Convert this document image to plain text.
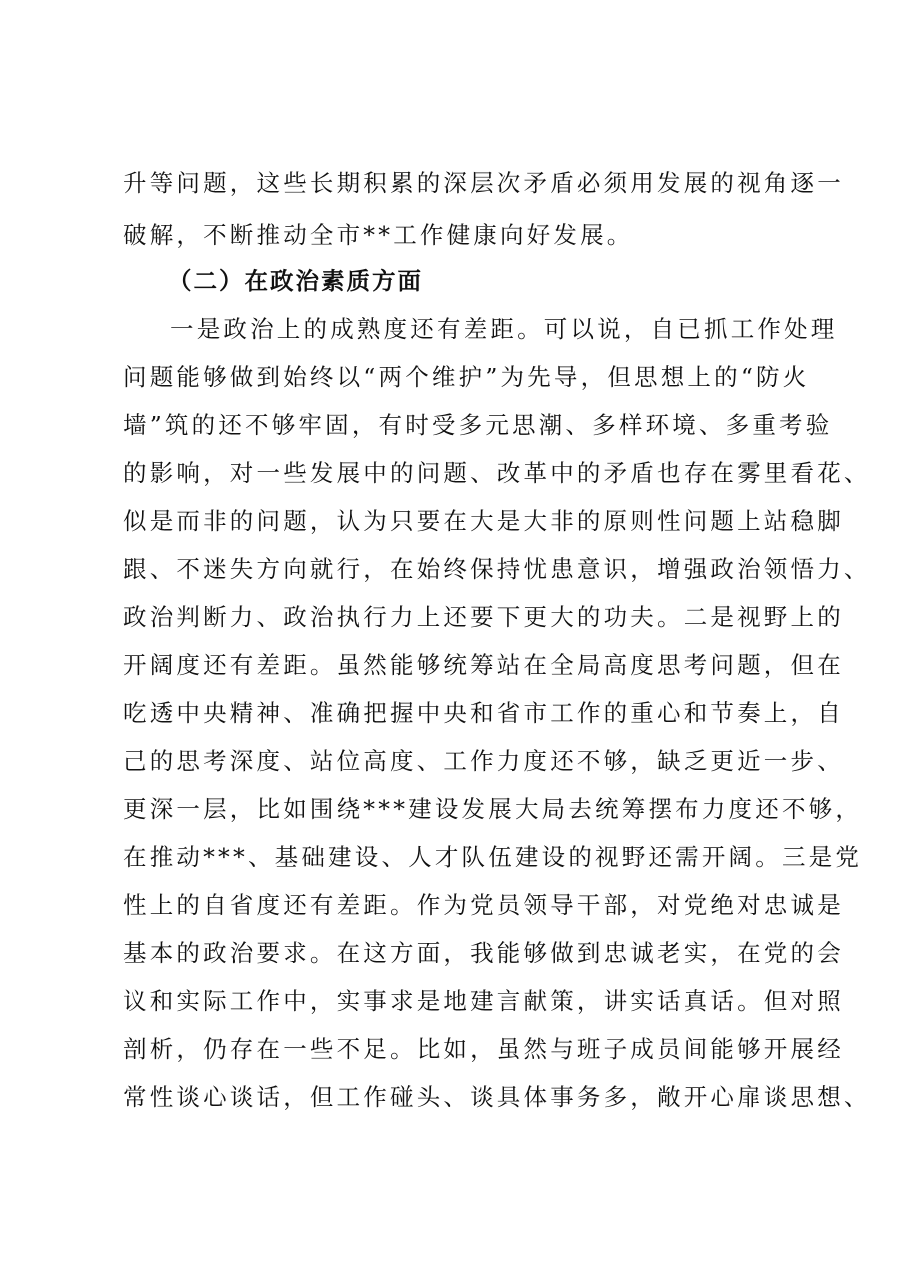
升等问题，这些长期积累的深层次矛盾必须用发展的视角逐一
破解，不断推动全市**工作健康向好发展。
（二）在政治素质方面
一是政治上的成熟度还有差距。可以说，自已抓工作处理
问题能够做到始终以“两个维护”为先导，但思想上的“防火
墙”筑的还不够牢固，有时受多元思潮、多样环境、多重考验
的影响，对一些发展中的问题、改革中的矛盾也存在雾里看花、
似是而非的问题，认为只要在大是大非的原则性问题上站稳脚
跟、不迷失方向就行，在始终保持忧患意识，增强政治领悟力、
政治判断力、政治执行力上还要下更大的功夫。二是视野上的
开阔度还有差距。虽然能够统筹站在全局高度思考问题，但在
吃透中央精神、准确把握中央和省市工作的重心和节奏上，自
己的思考深度、站位高度、工作力度还不够，缺乏更近一步、
更深一层，比如围绕***建设发展大局去统筹摆布力度还不够，
在推动***、基础建设、人才队伍建设的视野还需开阔。三是党
性上的自省度还有差距。作为党员领导干部，对党绝对忠诚是
基本的政治要求。在这方面，我能够做到忠诚老实，在党的会
议和实际工作中，实事求是地建言献策，讲实话真话。但对照
剖析，仍存在一些不足。比如，虽然与班子成员间能够开展经
常性谈心谈话，但工作碰头、谈具体事务多，敞开心扉谈思想、
